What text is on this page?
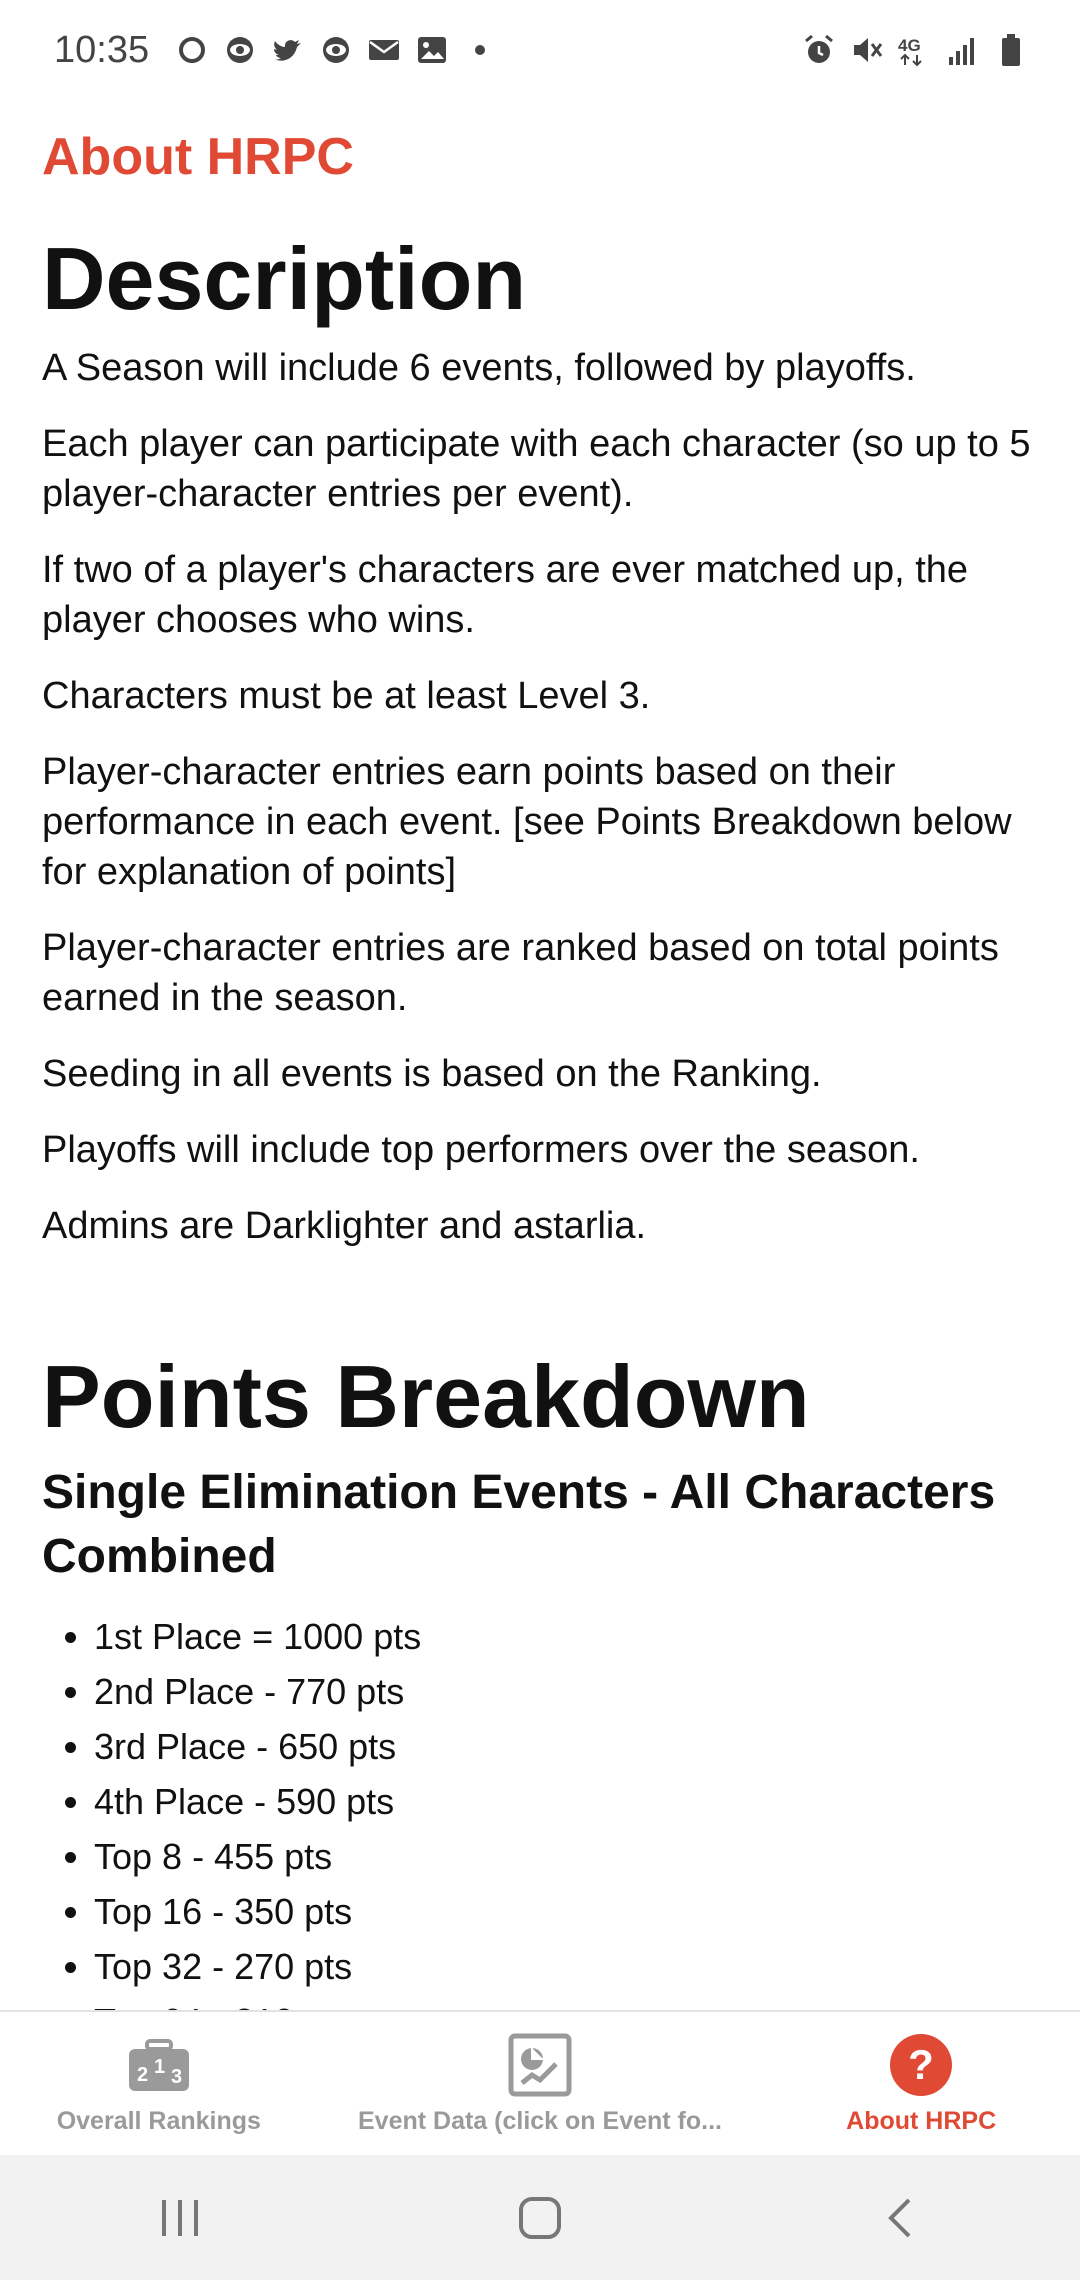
10:35	4G
About HRPC
Description

A Season will include 6 events, followed by playoffs.

Each player can participate with each character (so up to 5 player-character entries per event).

If two of a player's characters are ever matched up, the player chooses who wins.

Characters must be at least Level 3.

Player-character entries earn points based on their performance in each event. [see Points Breakdown below for explanation of points]

Player-character entries are ranked based on total points earned in the season.

Seeding in all events is based on the Ranking.

Playoffs will include top performers over the season.

Admins are Darklighter and astarlia.

Points Breakdown
Single Elimination Events - All Characters Combined
• 1st Place = 1000 pts
• 2nd Place - 770 pts
• 3rd Place - 650 pts
• 4th Place - 590 pts
• Top 8 - 455 pts
• Top 16 - 350 pts
• Top 32 - 270 pts
•
2 1 3
Overall Rankings	Event Data (click on Event fo...
?
About HRPC
